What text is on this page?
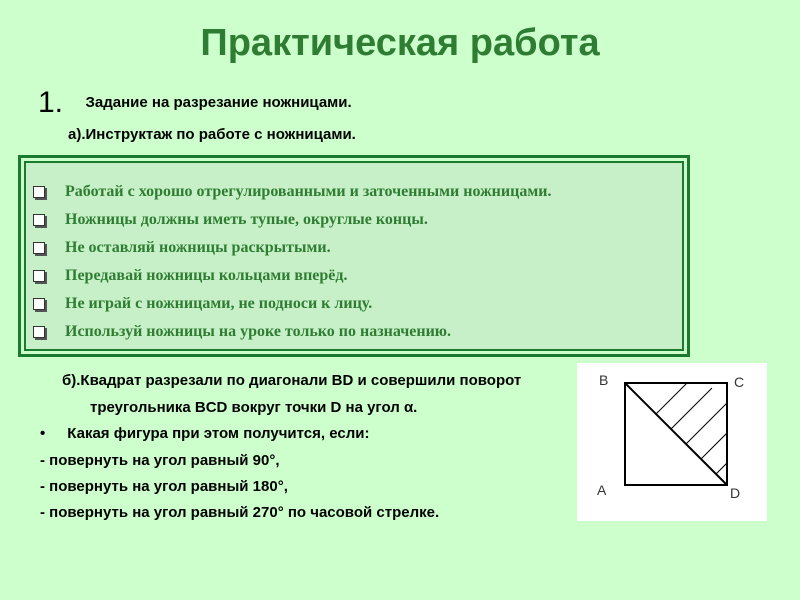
Практическая работа
1. Задание на разрезание ножницами.
а).Инструктаж по работе с ножницами.
Работай с хорошо отрегулированными и заточенными ножницами.
Ножницы должны иметь тупые, округлые концы.
Не оставляй ножницы раскрытыми.
Передавай ножницы кольцами вперёд.
Не играй с ножницами, не подноси к лицу.
Используй ножницы на уроке только по назначению.
б).Квадрат разрезали по диагонали BD и совершили поворот
треугольника BCD вокруг точки D на угол α.
• Какая фигура при этом получится, если:
- повернуть на угол равный 90°,
- повернуть на угол равный 180°,
- повернуть на угол равный 270° по часовой стрелке.
B	C
A	D
